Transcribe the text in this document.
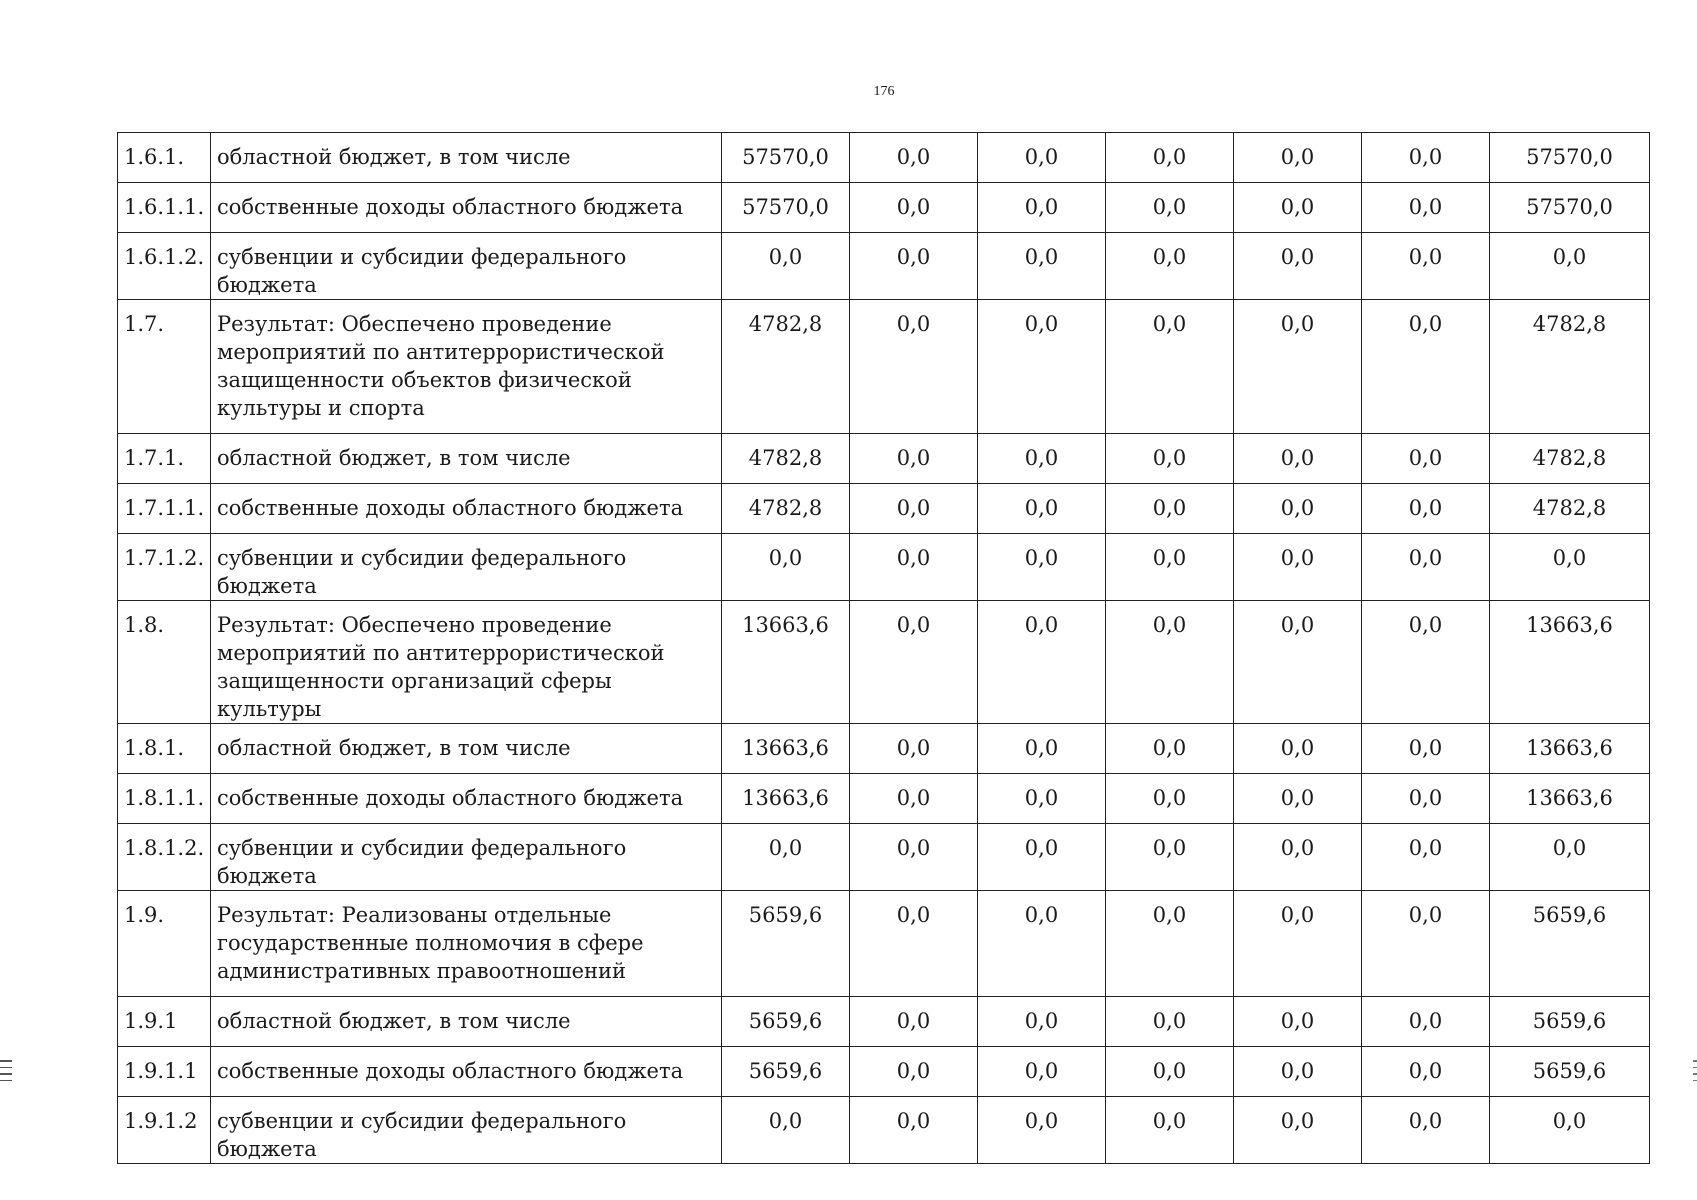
176
1.6.1.	областной бюджет, в том числе	57570,0	0,0	0,0	0,0	0,0	0,0	57570,0
1.6.1.1.	собственные доходы областного бюджета	57570,0	0,0	0,0	0,0	0,0	0,0	57570,0
1.6.1.2.	субвенции и субсидии федерального бюджета	0,0	0,0	0,0	0,0	0,0	0,0	0,0
1.7.	Результат: Обеспечено проведение мероприятий по антитеррористической защищенности объектов физической культуры и спорта	4782,8	0,0	0,0	0,0	0,0	0,0	4782,8
1.7.1.	областной бюджет, в том числе	4782,8	0,0	0,0	0,0	0,0	0,0	4782,8
1.7.1.1.	собственные доходы областного бюджета	4782,8	0,0	0,0	0,0	0,0	0,0	4782,8
1.7.1.2.	субвенции и субсидии федерального бюджета	0,0	0,0	0,0	0,0	0,0	0,0	0,0
1.8.	Результат: Обеспечено проведение мероприятий по антитеррористической защищенности организаций сферы культуры	13663,6	0,0	0,0	0,0	0,0	0,0	13663,6
1.8.1.	областной бюджет, в том числе	13663,6	0,0	0,0	0,0	0,0	0,0	13663,6
1.8.1.1.	собственные доходы областного бюджета	13663,6	0,0	0,0	0,0	0,0	0,0	13663,6
1.8.1.2.	субвенции и субсидии федерального бюджета	0,0	0,0	0,0	0,0	0,0	0,0	0,0
1.9.	Результат: Реализованы отдельные государственные полномочия в сфере административных правоотношений	5659,6	0,0	0,0	0,0	0,0	0,0	5659,6
1.9.1	областной бюджет, в том числе	5659,6	0,0	0,0	0,0	0,0	0,0	5659,6
1.9.1.1	собственные доходы областного бюджета	5659,6	0,0	0,0	0,0	0,0	0,0	5659,6
1.9.1.2	субвенции и субсидии федерального бюджета	0,0	0,0	0,0	0,0	0,0	0,0	0,0
